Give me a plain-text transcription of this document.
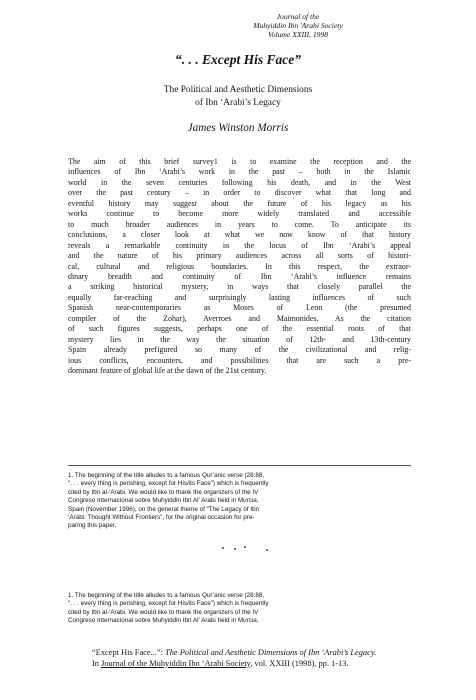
Journal of the
Muhyiddin Ibn 'Arabi Society
Volume XXIII, 1998
“. . . Except His Face”
The Political and Aesthetic Dimensions
of Ibn ‘Arabi’s Legacy
James Winston Morris
The aim of this brief survey1 is to examine the reception and the
influences of Ibn ‘Arabi’s work in the past – both in the Islamic
world in the seven centuries following his death, and in the West
over the past century – in order to discover what that long and
eventful history may suggest about the future of his legacy as his
works continue to become more widely translated and accessible
to much broader audiences in years to come. To anticipate its
conclusions, a closer look at what we now know of that history
reveals a remarkable continuity in the locus of Ibn ‘Arabi’s appeal
and the nature of his primary audiences across all sorts of histori-
cal, cultural and religious boundaries. In this respect, the extraor-
dinary breadth and continuity of Ibn ‘Arabi’s influence remains
a striking historical mystery, in ways that closely parallel the
equally far-reaching and surprisingly lasting influences of such
Spanish near-contemporaries as Moses of Leon (the presumed
compiler of the Zohar), Averroes and Maimonides. As the citation
of such figures suggests, perhaps one of the essential roots of that
mystery lies in the way the situation of 12th- and 13th-century
Spain already prefigured so many of the civilizational and relig-
ious conflicts, encounters, and possibilities that are such a pre-
dominant feature of global life at the dawn of the 21st century.
1. The beginning of the title alludes to a famous Qur’anic verse (28:88,
“. . . every thing is perishing, except for His/its Face”) which is frequently
cited by Ibn al-‘Arabi. We would like to thank the organizers of the IV
Congreso Internacional sobre Muhyiddin Ibn Al’ Arabi held in Murcia,
Spain (November 1996), on the general theme of “The Legacy of Ibn
‘Arabi: Thought Without Frontiers”, for the original occasion for pre-
paring this paper.
1. The beginning of the title alludes to a famous Qur’anic verse (28:88,
“. . . every thing is perishing, except for His/its Face”) which is frequently
cited by Ibn al-‘Arabi. We would like to thank the organizers of the IV
Congreso Internacional sobre Muhyiddin Ibn Al’ Arabi held in Murcia,
“Except His Face...”: The Political and Aesthetic Dimensions of Ibn ‘Arabi’s Legacy.
In Journal of the Muhyiddin Ibn ‘Arabi Society, vol. XXIII (1998), pp. 1-13.
